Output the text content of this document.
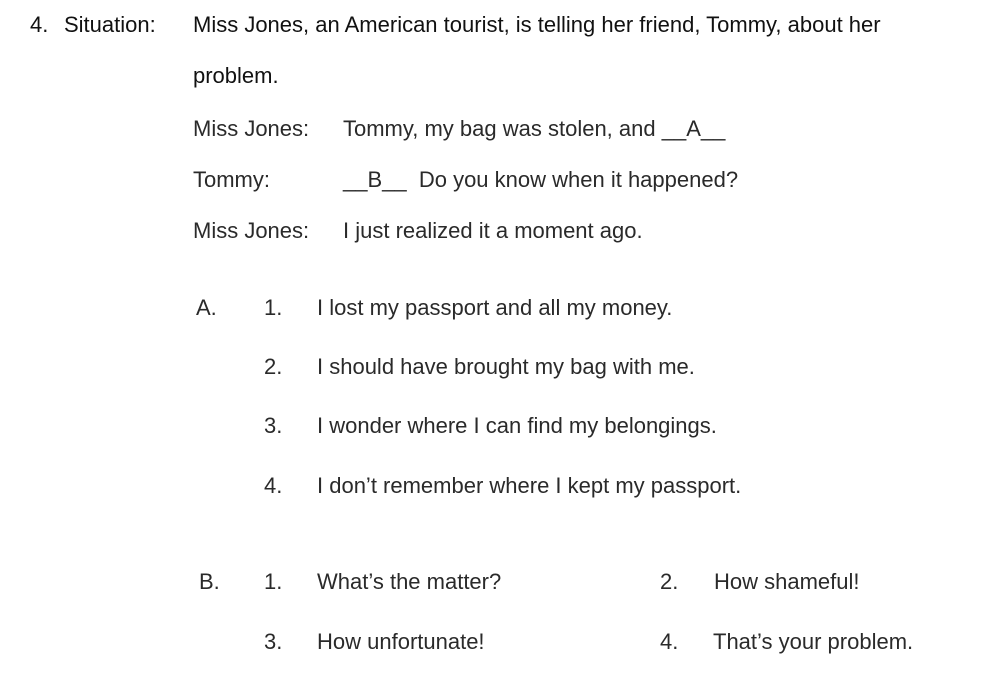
4. Situation: Miss Jones, an American tourist, is telling her friend, Tommy, about her
problem.
Miss Jones: Tommy, my bag was stolen, and __A__
Tommy:	__B__  Do you know when it happened?
Miss Jones: I just realized it a moment ago.
A. 1. I lost my passport and all my money.
2. I should have brought my bag with me.
3. I wonder where I can find my belongings.
4. I don’t remember where I kept my passport.
B. 1. What’s the matter?	2. How shameful!
3. How unfortunate!	4. That’s your problem.
